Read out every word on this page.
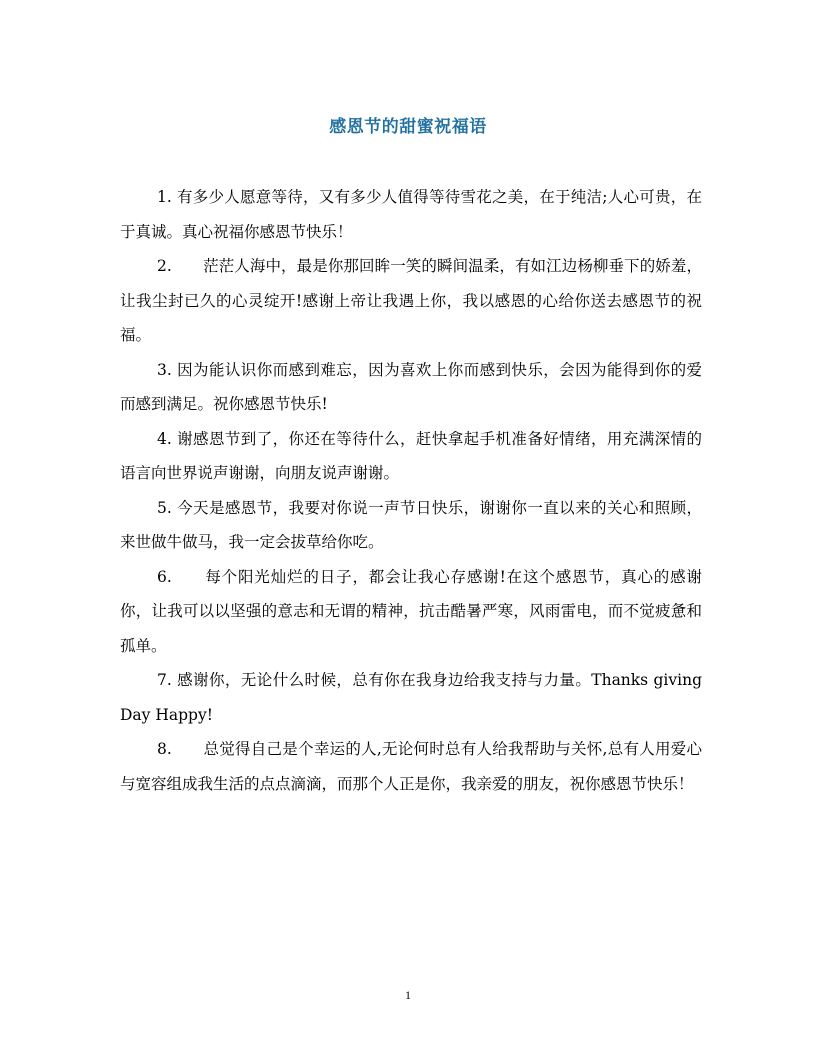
感恩节的甜蜜祝福语

1. 有多少人愿意等待，又有多少人值得等待雪花之美，在于纯洁;人心可贵，在于真诚。真心祝福你感恩节快乐！

2.　　茫茫人海中，最是你那回眸一笑的瞬间温柔，有如江边杨柳垂下的娇羞，让我尘封已久的心灵绽开!感谢上帝让我遇上你，我以感恩的心给你送去感恩节的祝福。

3. 因为能认识你而感到难忘，因为喜欢上你而感到快乐，会因为能得到你的爱而感到满足。祝你感恩节快乐!

4. 谢感恩节到了，你还在等待什么，赶快拿起手机准备好情绪，用充满深情的语言向世界说声谢谢，向朋友说声谢谢。

5. 今天是感恩节，我要对你说一声节日快乐，谢谢你一直以来的关心和照顾，来世做牛做马，我一定会拔草给你吃。

6.　　每个阳光灿烂的日子，都会让我心存感谢!在这个感恩节，真心的感谢你，让我可以以坚强的意志和无谓的精神，抗击酷暑严寒，风雨雷电，而不觉疲惫和孤单。

7. 感谢你，无论什么时候，总有你在我身边给我支持与力量。Thanks giving Day Happy!

8.　　总觉得自己是个幸运的人,无论何时总有人给我帮助与关怀,总有人用爱心与宽容组成我生活的点点滴滴，而那个人正是你，我亲爱的朋友，祝你感恩节快乐！

1
